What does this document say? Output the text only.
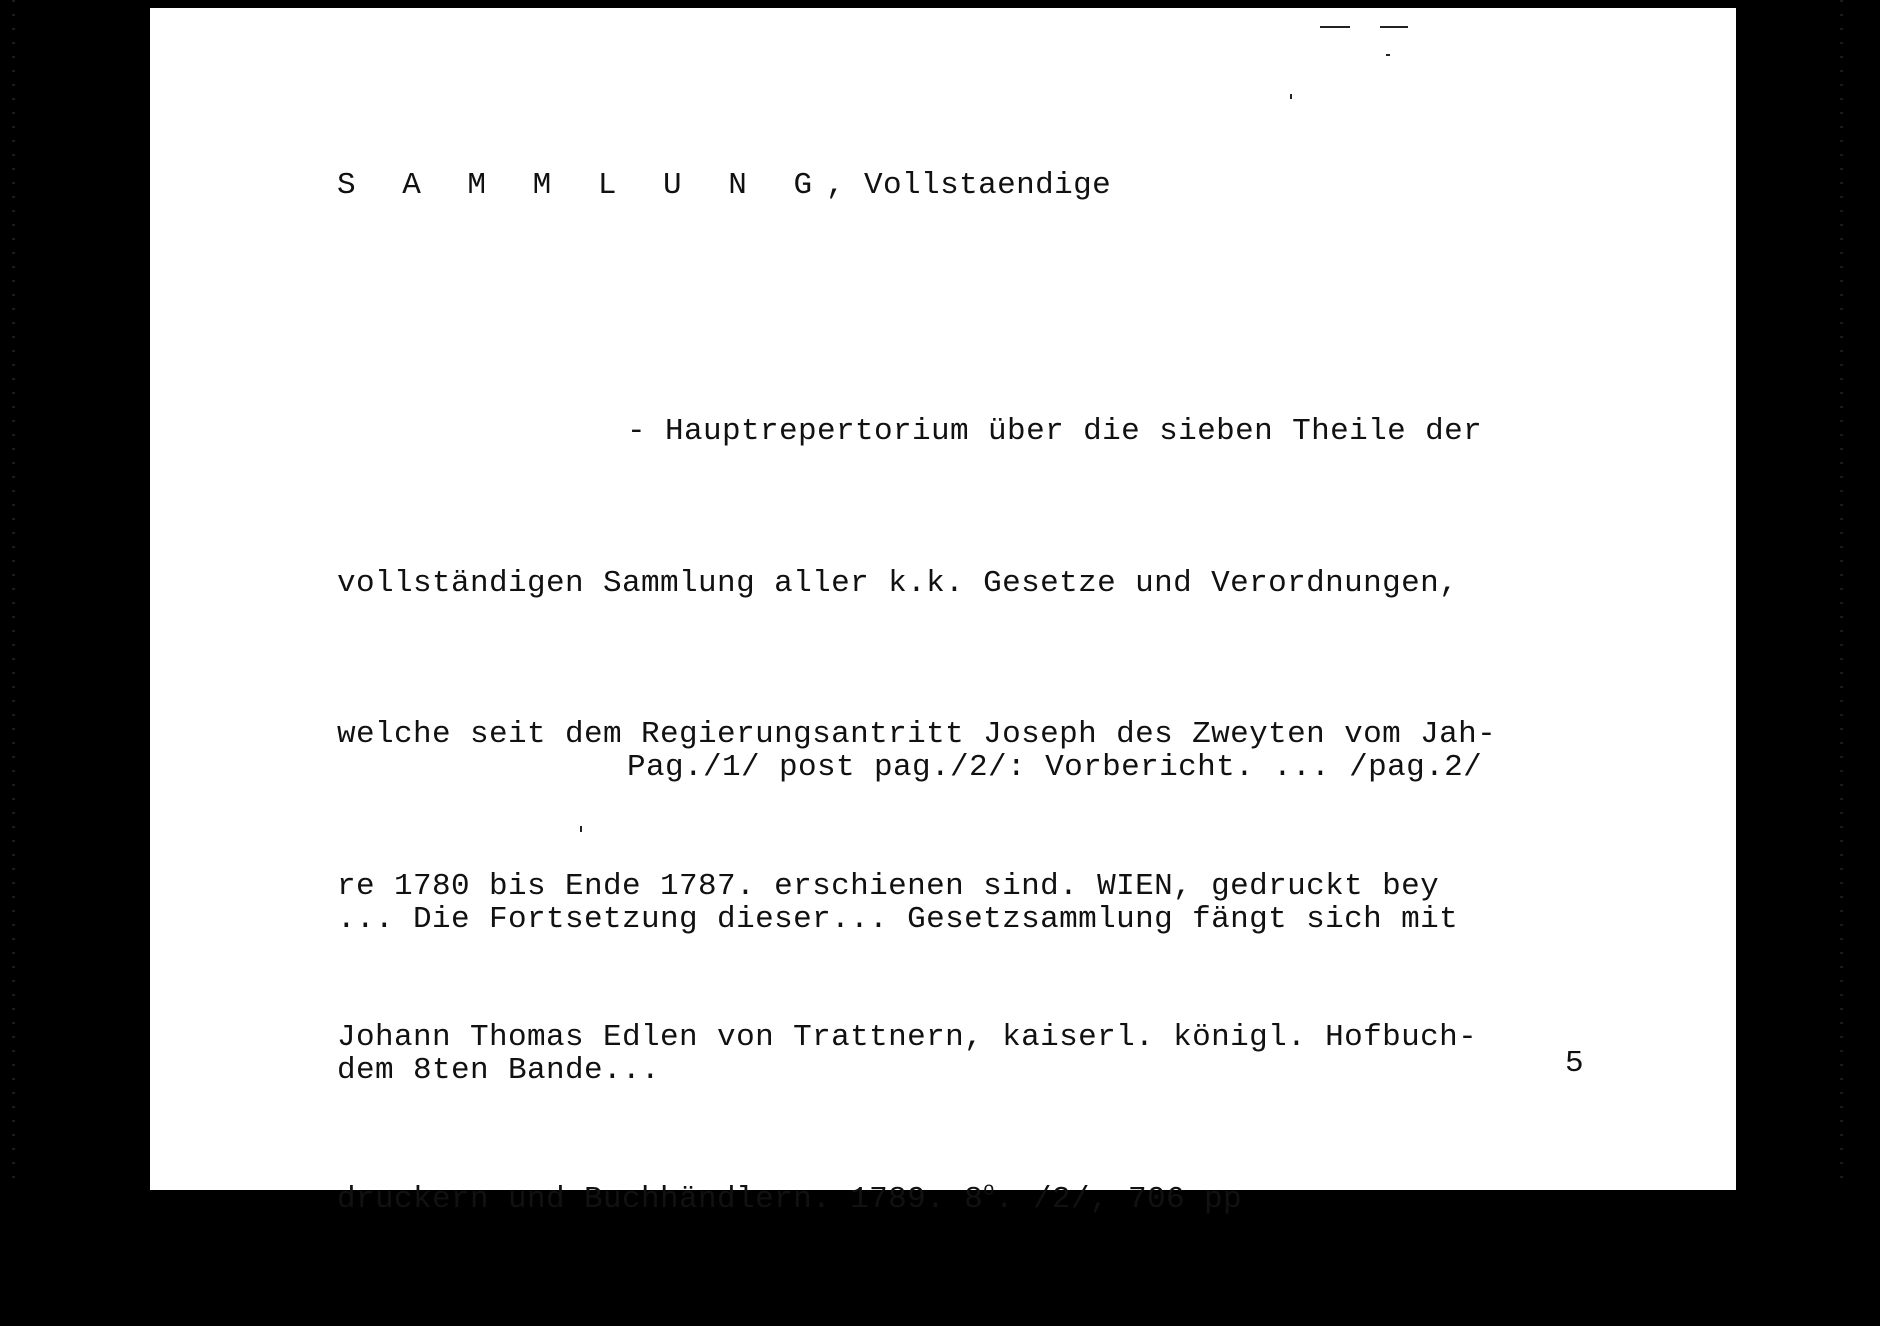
S A M M L U N G, Vollstaendige

- Hauptrepertorium über die sieben Theile der

vollständigen Sammlung aller k.k. Gesetze und Verordnungen,

welche seit dem Regierungsantritt Joseph des Zweyten vom Jah-

re 1780 bis Ende 1787. erschienen sind. WIEN, gedruckt bey

Johann Thomas Edlen von Trattnern, kaiserl. königl. Hofbuch-

druckern und Buchhändlern. 1789. 8$^o$. /2/, 706 pp

Pag./1/ post pag./2/: Vorbericht. ... /pag.2/

... Die Fortsetzung dieser... Gesetzsammlung fängt sich mit

dem 8ten Bande...

	5
